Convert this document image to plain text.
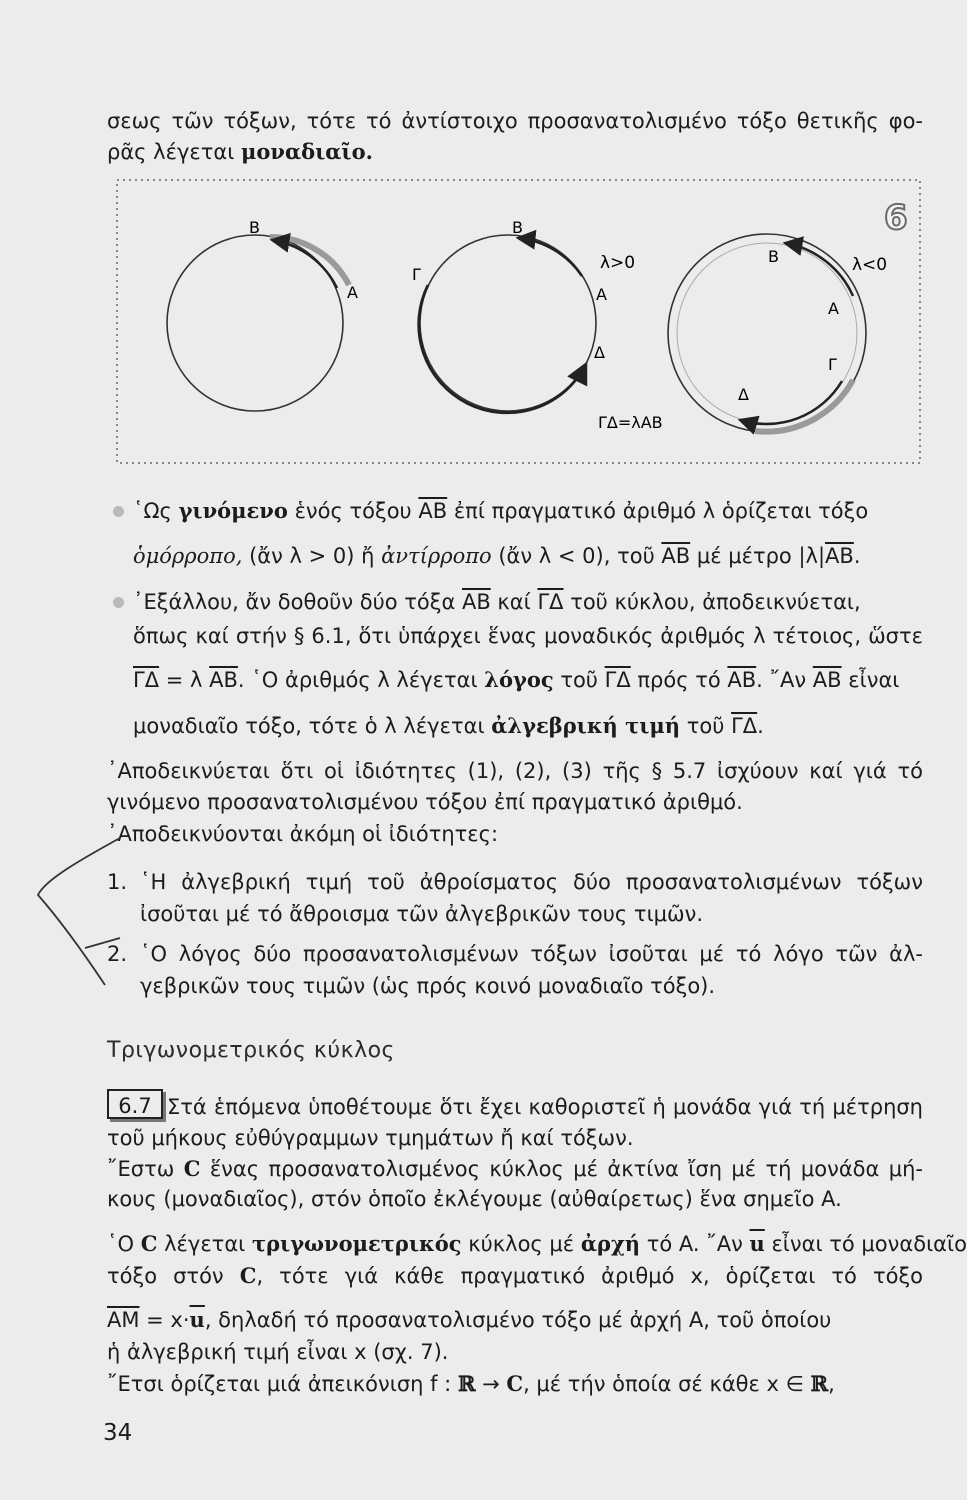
σεως τῶν τόξων, τότε τό ἀντίστοιχο προσανατολισμένο τόξο θετικῆς φο-
ρᾶς λέγεται μοναδιαῖο.
B
A
B
Γ
A
Δ
λ>0
ΓΔ=λAB
B
A
Γ
Δ
λ<0
6
῾Ως γινόμενο ἑνός τόξου $\overline{AB}$ ἐπί πραγματικό ἀριθμό λ ὁρίζεται τόξο
ὁμόρροπο, (ἄν λ > 0) ἤ ἀντίρροπο (ἄν λ < 0), τοῦ $\overline{AB}$ μέ μέτρο $|\lambda|\overline{AB}$.
᾽Εξάλλου, ἄν δοθοῦν δύο τόξα $\overline{AB}$ καί $\overline{\Gamma\Delta}$ τοῦ κύκλου, ἀποδεικνύεται,
ὅπως καί στήν § 6.1, ὅτι ὑπάρχει ἕνας μοναδικός ἀριθμός λ τέτοιος, ὥστε
$\overline{\Gamma\Delta} = \lambda$ $\overline{AB}$. ῾Ο ἀριθμός λ λέγεται λόγος τοῦ $\overline{\Gamma\Delta}$ πρός τό $\overline{AB}$. ῎Αν $\overline{AB}$ εἶναι
μοναδιαῖο τόξο, τότε ὁ λ λέγεται ἀλγεβρική τιμή τοῦ $\overline{\Gamma\Delta}$.
᾽Αποδεικνύεται ὅτι οἱ ἰδιότητες (1), (2), (3) τῆς § 5.7 ἰσχύουν καί γιά τό
γινόμενο προσανατολισμένου τόξου ἐπί πραγματικό ἀριθμό.
᾽Αποδεικνύονται ἀκόμη οἱ ἰδιότητες:
1. ῾Η ἀλγεβρική τιμή τοῦ ἀθροίσματος δύο προσανατολισμένων τόξων
ἰσοῦται μέ τό ἄθροισμα τῶν ἀλγεβρικῶν τους τιμῶν.
2. ῾Ο λόγος δύο προσανατολισμένων τόξων ἰσοῦται μέ τό λόγο τῶν ἀλ-
γεβρικῶν τους τιμῶν (ὡς πρός κοινό μοναδιαῖο τόξο).
Τριγωνομετρικός κύκλος
6.7 Στά ἑπόμενα ὑποθέτουμε ὅτι ἔχει καθοριστεῖ ἡ μονάδα γιά τή μέτρηση
τοῦ μήκους εὐθύγραμμων τμημάτων ἤ καί τόξων.
῎Εστω C ἕνας προσανατολισμένος κύκλος μέ ἀκτίνα ἴση μέ τή μονάδα μή-
κους (μοναδιαῖος), στόν ὁποῖο ἐκλέγουμε (αὐθαίρετως) ἕνα σημεῖο A.
῾Ο C λέγεται τριγωνομετρικός κύκλος μέ ἀρχή τό A. ῎Αν $\overline{u}$ εἶναι τό μοναδιαῖο
τόξο στόν C, τότε γιά κάθε πραγματικό ἀριθμό x, ὁρίζεται τό τόξο
$\overline{AM} = x\cdot\overline{u}$, δηλαδή τό προσανατολισμένο τόξο μέ ἀρχή A, τοῦ ὁποίου
ἡ ἀλγεβρική τιμή εἶναι x (σχ. 7).
῎Ετσι ὁρίζεται μιά ἀπεικόνιση f : ℝ → C, μέ τήν ὁποία σέ κάθε x ∈ ℝ,
34
